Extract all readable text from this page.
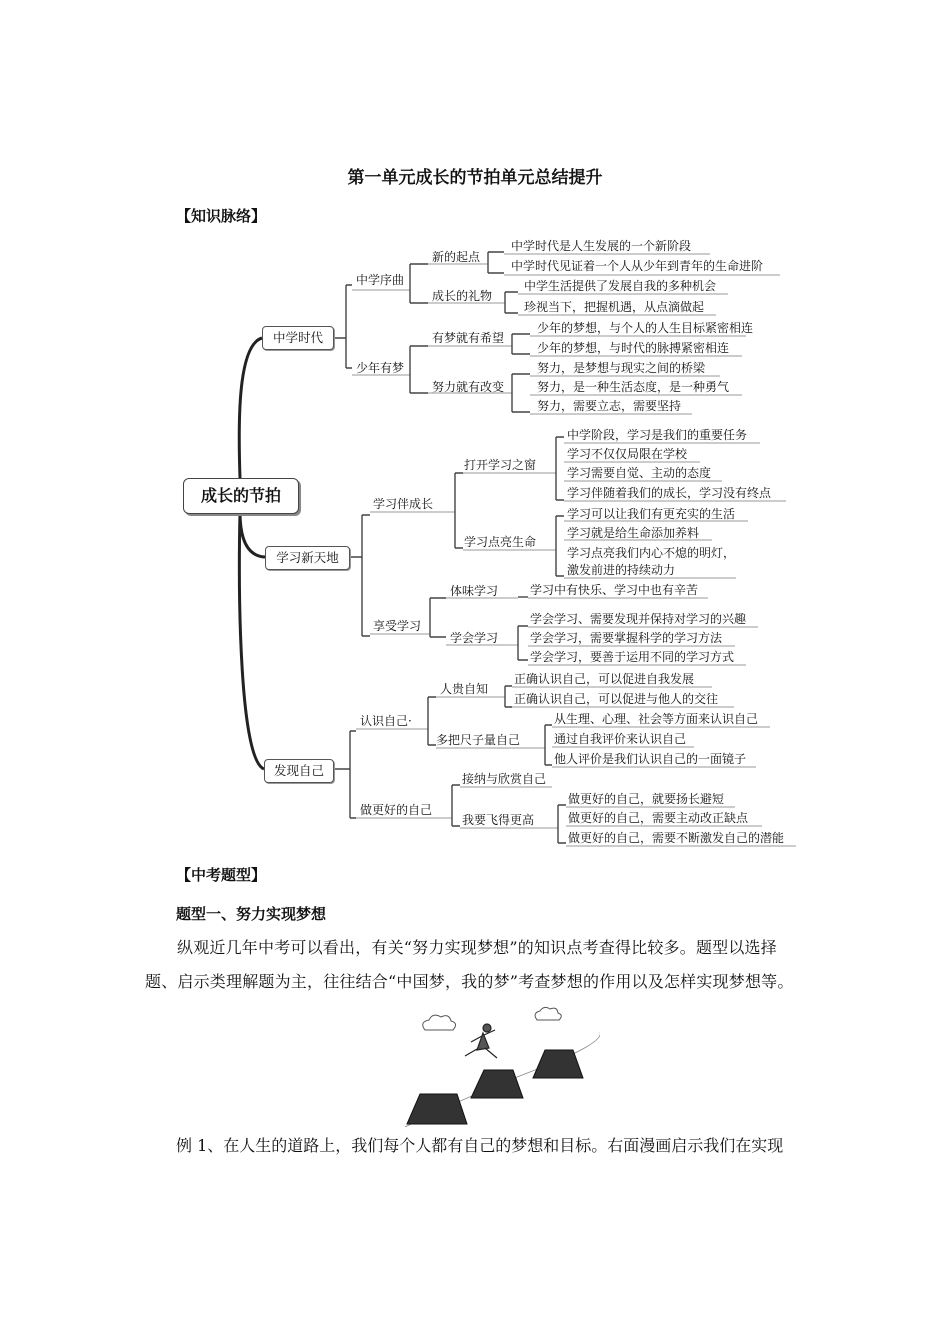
第一单元成长的节拍单元总结提升
【知识脉络】
成长的节拍
中学时代
学习新天地
发现自己
中学序曲
少年有梦
新的起点
成长的礼物
有梦就有希望
努力就有改变
中学时代是人生发展的一个新阶段
中学时代见证着一个人从少年到青年的生命进阶
中学生活提供了发展自我的多种机会
珍视当下，把握机遇，从点滴做起
少年的梦想，与个人的人生目标紧密相连
少年的梦想，与时代的脉搏紧密相连
努力，是梦想与现实之间的桥梁
努力，是一种生活态度，是一种勇气
努力，需要立志，需要坚持
学习伴成长
享受学习
打开学习之窗
学习点亮生命
中学阶段，学习是我们的重要任务
学习不仅仅局限在学校
学习需要自觉、主动的态度
学习伴随着我们的成长，学习没有终点
学习可以让我们有更充实的生活
学习就是给生命添加养料
学习点亮我们内心不熄的明灯，
激发前进的持续动力
体味学习
学会学习
学习中有快乐、学习中也有辛苦
学会学习、需要发现并保持对学习的兴趣
学会学习，需要掌握科学的学习方法
学会学习，要善于运用不同的学习方式
认识自己·
做更好的自己
人贵自知
多把尺子量自己
正确认识自己，可以促进自我发展
正确认识自己，可以促进与他人的交往
从生理、心理、社会等方面来认识自己
通过自我评价来认识自己
他人评价是我们认识自己的一面镜子
接纳与欣赏自己
我要飞得更高
做更好的自己，就要扬长避短
做更好的自己，需要主动改正缺点
做更好的自己，需要不断激发自己的潜能
【中考题型】
题型一、努力实现梦想
纵观近几年中考可以看出，有关“努力实现梦想”的知识点考查得比较多。题型以选择题、启示类理解题为主，往往结合“中国梦，我的梦”考查梦想的作用以及怎样实现梦想等。
例 1、在人生的道路上，我们每个人都有自己的梦想和目标。右面漫画启示我们在实现
